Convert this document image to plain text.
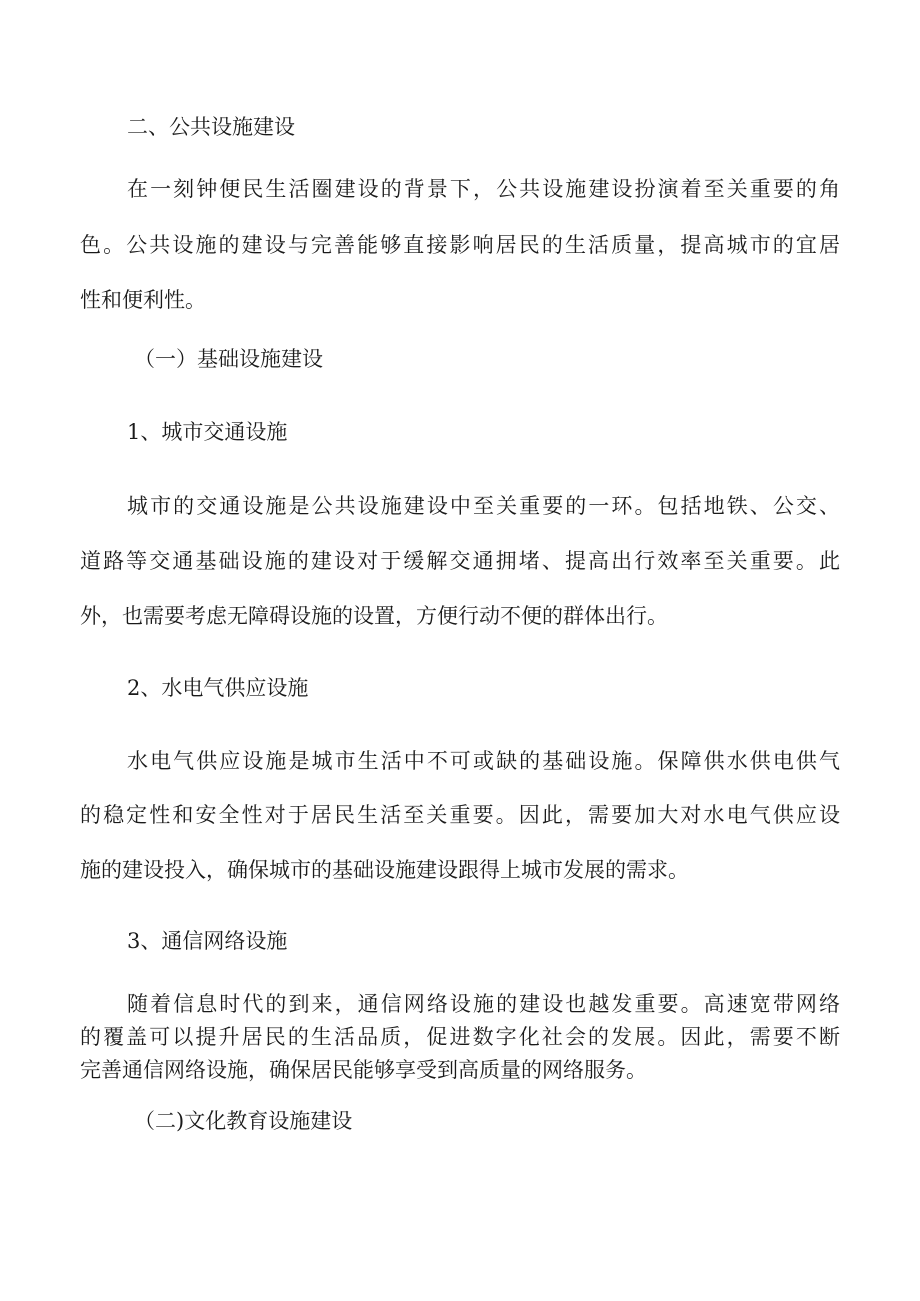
二、公共设施建设
在一刻钟便民生活圈建设的背景下，公共设施建设扮演着至关重要的角
色。公共设施的建设与完善能够直接影响居民的生活质量，提高城市的宜居
性和便利性。
（一）基础设施建设
1、城市交通设施
城市的交通设施是公共设施建设中至关重要的一环。包括地铁、公交、
道路等交通基础设施的建设对于缓解交通拥堵、提高出行效率至关重要。此
外，也需要考虑无障碍设施的设置，方便行动不便的群体出行。
2、水电气供应设施
水电气供应设施是城市生活中不可或缺的基础设施。保障供水供电供气
的稳定性和安全性对于居民生活至关重要。因此，需要加大对水电气供应设
施的建设投入，确保城市的基础设施建设跟得上城市发展的需求。
3、通信网络设施
随着信息时代的到来，通信网络设施的建设也越发重要。高速宽带网络
的覆盖可以提升居民的生活品质，促进数字化社会的发展。因此，需要不断
完善通信网络设施，确保居民能够享受到高质量的网络服务。
（二)文化教育设施建设
